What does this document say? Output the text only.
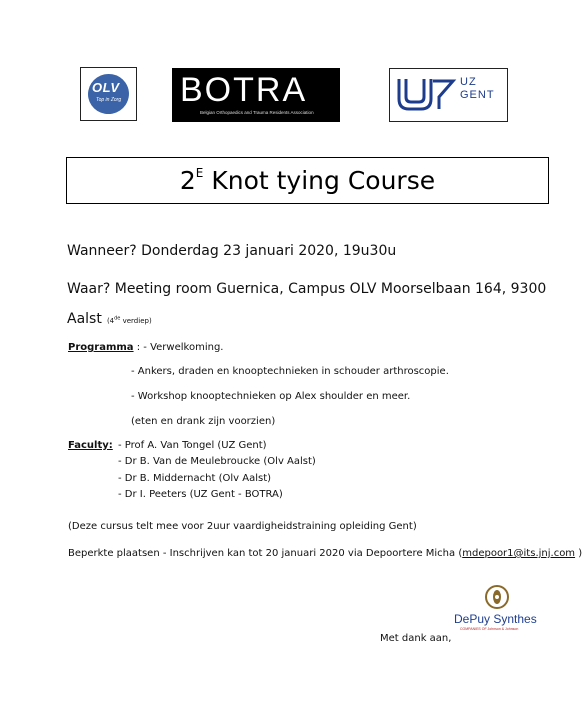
OLV
Top in Zorg BOTRA
Belgian Orthopaedics and Trauma Residents Association
UZ
GENT
$2^E$ Knot tying Course
Wanneer? Donderdag 23 januari 2020, 19u30u
Waar? Meeting room Guernica, Campus OLV Moorselbaan 164, 9300
Aalst (4de verdiep)
Programma : - Verwelkoming.
- Ankers, draden en knooptechnieken in schouder arthroscopie.
- Workshop knooptechnieken op Alex shoulder en meer.
(eten en drank zijn voorzien)
Faculty: - Prof A. Van Tongel (UZ Gent)
- Dr B. Van de Meulebroucke (Olv Aalst)
- Dr B. Middernacht (Olv Aalst)
- Dr I. Peeters (UZ Gent - BOTRA)
(Deze cursus telt mee voor 2uur vaardigheidstraining opleiding Gent)
Beperkte plaatsen - Inschrijven kan tot 20 januari 2020 via Depoortere Micha (mdepoor1@its.jnj.com )
DePuy Synthes
COMPANIES OF Johnson & Johnson
Met dank aan,
